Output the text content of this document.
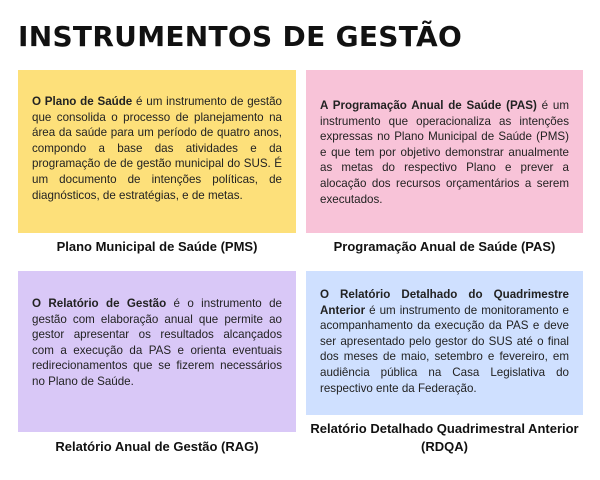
INSTRUMENTOS DE GESTÃO

O Plano de Saúde é um instrumento de gestão que consolida o processo de planejamento na área da saúde para um período de quatro anos, compondo a base das atividades e da programação de de gestão municipal do SUS. É um documento de intenções políticas, de diagnósticos, de estratégias, e de metas.

Plano Municipal de Saúde (PMS)

A Programação Anual de Saúde (PAS) é um instrumento que operacionaliza as intenções expressas no Plano Municipal de Saúde (PMS) e que tem por objetivo demonstrar anualmente as metas do respectivo Plano e prever a alocação dos recursos orçamentários a serem executados.

Programação Anual de Saúde (PAS)

O Relatório de Gestão é o instrumento de gestão com elaboração anual que permite ao gestor apresentar os resultados alcançados com a execução da PAS e orienta eventuais redirecionamentos que se fizerem necessários no Plano de Saúde.

Relatório Anual de Gestão (RAG)

O Relatório Detalhado do Quadrimestre Anterior é um instrumento de monitoramento e acompanhamento da execução da PAS e deve ser apresentado pelo gestor do SUS até o final dos meses de maio, setembro e fevereiro, em audiência pública na Casa Legislativa do respectivo ente da Federação.

Relatório Detalhado Quadrimestral Anterior (RDQA)
